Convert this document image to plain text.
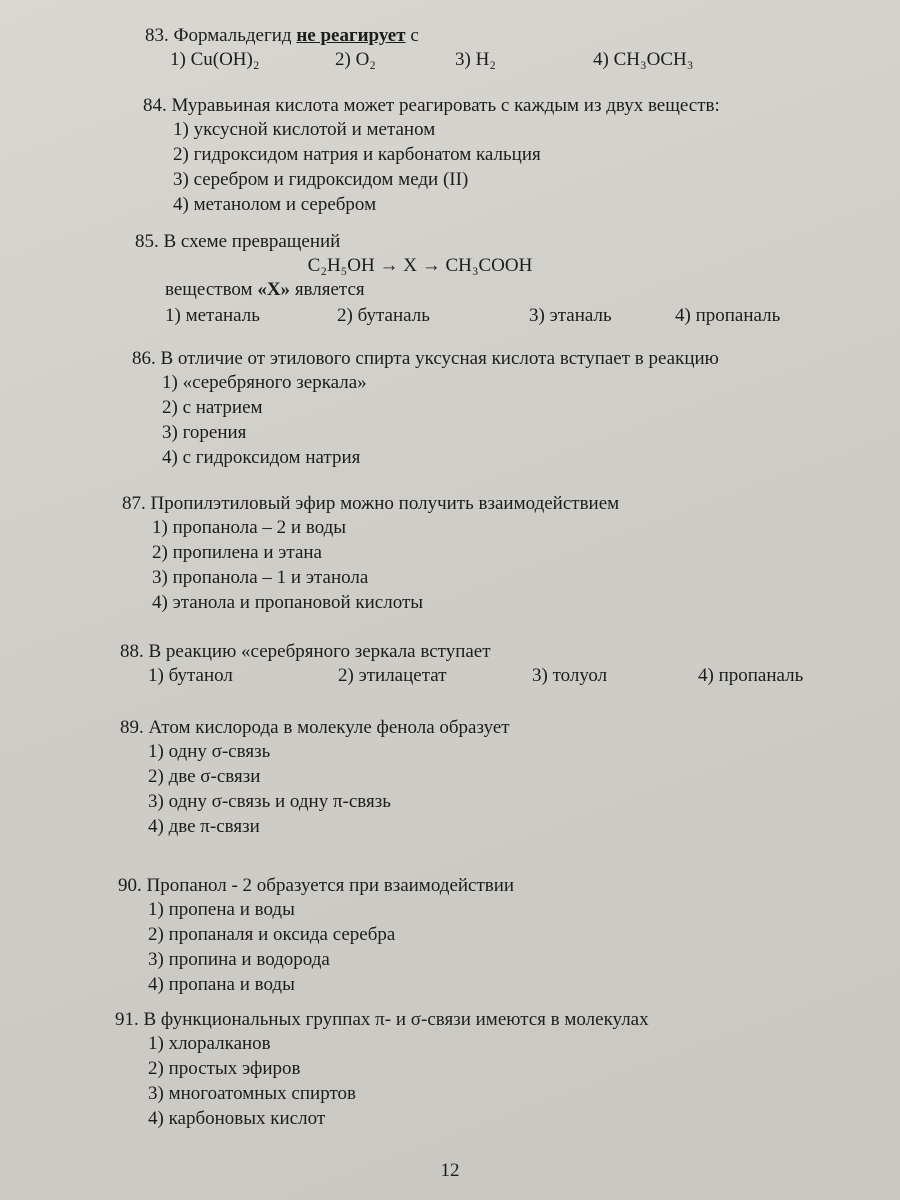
83. Формальдегид не реагирует с
1) Cu(OH)₂	2) O₂	3) H₂	4) CH₃OCH₃
84. Муравьиная кислота может реагировать с каждым из двух веществ:
1) уксусной кислотой и метаном
2) гидроксидом натрия и карбонатом кальция
3) серебром и гидроксидом меди (II)
4) метанолом и серебром
85. В схеме превращений
C₂H₅OH → X → CH₃COOH
веществом «X» является
1) метаналь	2) бутаналь	3) этаналь	4) пропаналь
86. В отличие от этилового спирта уксусная кислота вступает в реакцию
1) «серебряного зеркала»
2) с натрием
3) горения
4) с гидроксидом натрия
87. Пропилэтиловый эфир можно получить взаимодействием
1) пропанола – 2 и воды
2) пропилена и этана
3) пропанола – 1 и этанола
4) этанола и пропановой кислоты
88. В реакцию «серебряного зеркала вступает
1) бутанол	2) этилацетат	3) толуол	4) пропаналь
89. Атом кислорода в молекуле фенола образует
1) одну σ-связь
2) две σ-связи
3) одну σ-связь и одну π-связь
4) две π-связи
90. Пропанол - 2 образуется при взаимодействии
1) пропена и воды
2) пропаналя и оксида серебра
3) пропина и водорода
4) пропана и воды
91. В функциональных группах π- и σ-связи имеются в молекулах
1) хлоралканов
2) простых эфиров
3) многоатомных спиртов
4) карбоновых кислот
12
